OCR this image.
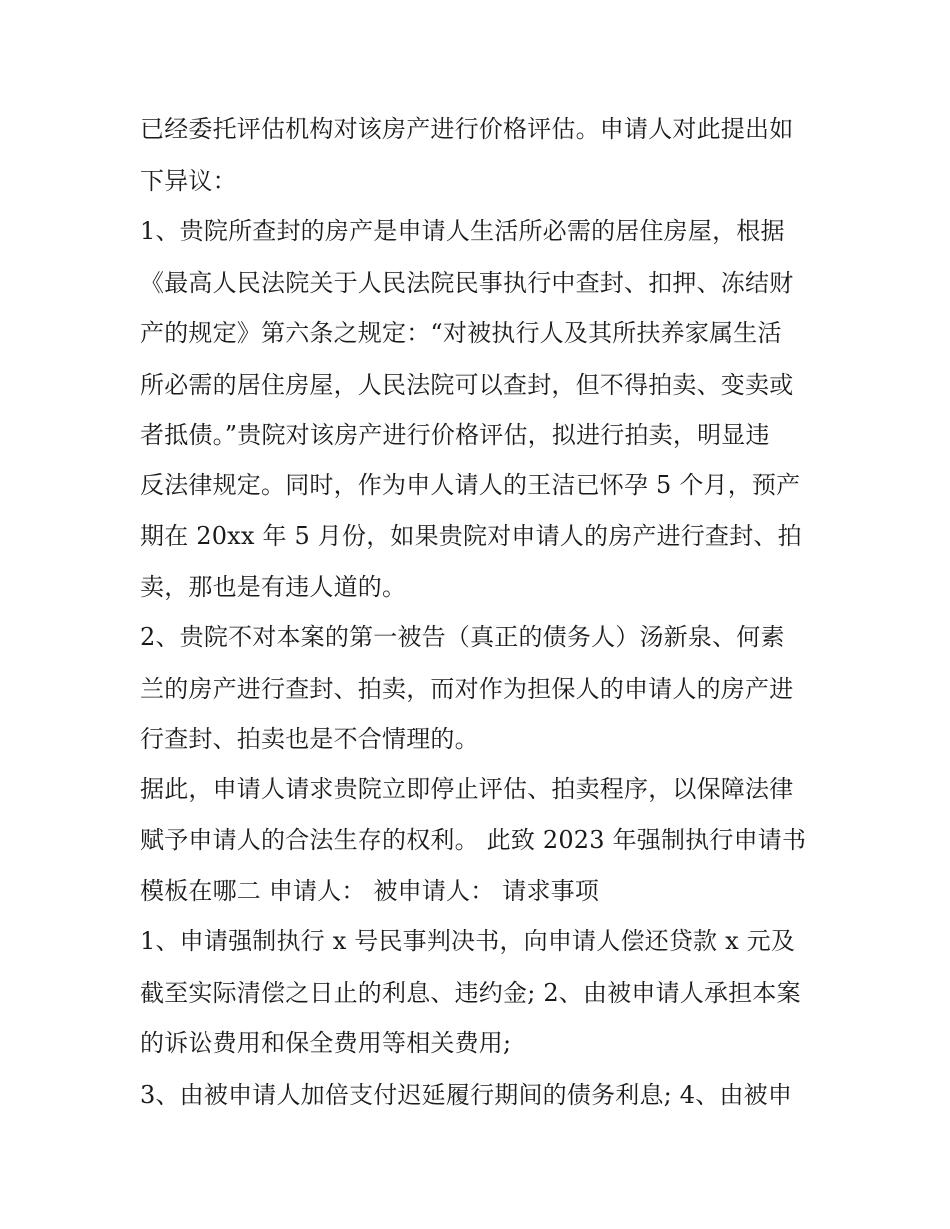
已经委托评估机构对该房产进行价格评估。申请人对此提出如
下异议：
1、贵院所查封的房产是申请人生活所必需的居住房屋，根据
《最高人民法院关于人民法院民事执行中查封、扣押、冻结财
产的规定》第六条之规定：“对被执行人及其所扶养家属生活
所必需的居住房屋，人民法院可以查封，但不得拍卖、变卖或
者抵债。”贵院对该房产进行价格评估，拟进行拍卖，明显违
反法律规定。同时，作为申人请人的王洁已怀孕 5 个月，预产
期在 20xx 年 5 月份，如果贵院对申请人的房产进行查封、拍
卖，那也是有违人道的。
2、贵院不对本案的第一被告（真正的债务人）汤新泉、何素
兰的房产进行查封、拍卖，而对作为担保人的申请人的房产进
行查封、拍卖也是不合情理的。
据此，申请人请求贵院立即停止评估、拍卖程序，以保障法律
赋予申请人的合法生存的权利。 此致 2023 年强制执行申请书
模板在哪二 申请人： 被申请人： 请求事项
1、申请强制执行 x 号民事判决书，向申请人偿还贷款 x 元及
截至实际清偿之日止的利息、违约金; 2、由被申请人承担本案
的诉讼费用和保全费用等相关费用;
3、由被申请人加倍支付迟延履行期间的债务利息; 4、由被申
